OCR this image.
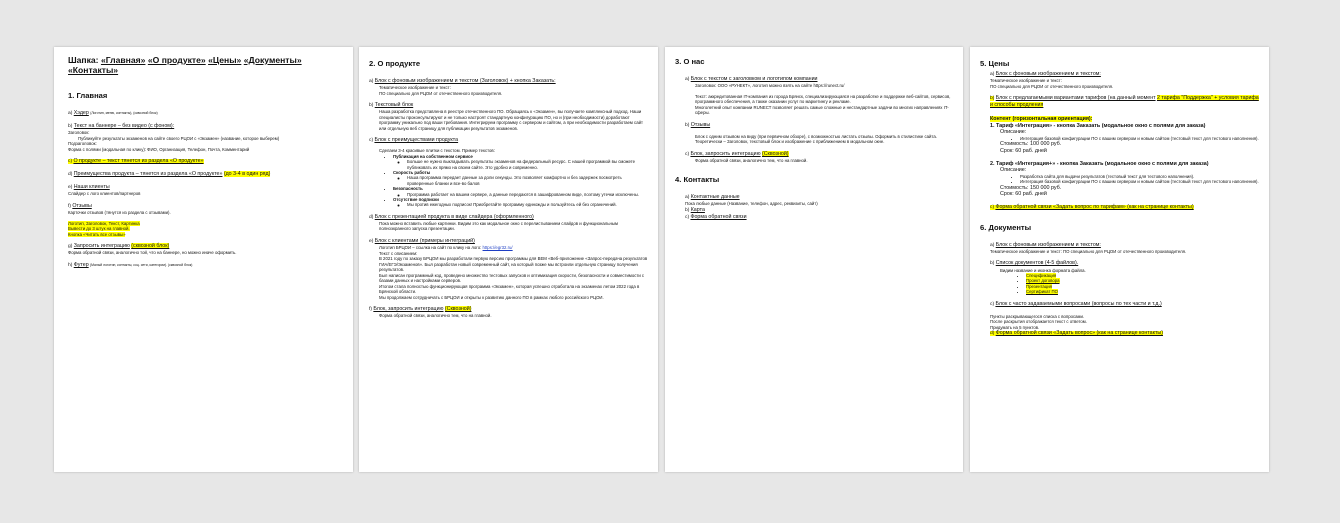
Шапка: «Главная» «О продукте» «Цены» «Документы» «Контакты»
1. Главная
а) Хэдер (Логотип, меню, контакты), (сквозной блок)
b) Текст на баннере – без видео (с фоном):
Заголовок:
Публикуйте результаты экзаменов на сайте своего РЦОИ с «Экзамен» (название, которое выберем)
Подзаголовок:
Форма с полями (модальная по клику): ФИО, Организация, Телефон, Почта, Комментарий
c) О продукте – текст тянется из раздела «О продукте»
d) Преимущества продукта – тянется из раздела «О продукте» (до 3-4 в один ряд)
e) Наши клиенты
Слайдер с лого клиентов/партнеров
f) Отзывы
Карточки отзывов (тянутся из раздела с отзывами).
Логотип, Заголовок, Текст, Картинка
Вывести до 3 штук на главной.
Кнопка «Читать все отзывы»
g) Запросить интеграцию (сквозной блок)
Форма обратной связи, аналогично той, что на баннере, но можно иначе оформить.
h) Футер (Малый логотип, контакты, соц. сети, категории). (сквозной блок)
2. О продукте
а) Блок с фоновым изображением и текстом (Заголовок) + кнопка Заказать:
Тематическое изображение и текст:
ПО специально для РЦОИ от отечественного производителя.
b) Текстовый блок
Наша разработка представлена в реестре отечественного ПО. Обращаясь к «Экзамен», вы получаете комплексный подход. Наши специалисты проконсультируют и не только настроят стандартную конфигурацию ПО, но и (при необходимости) доработают программу уникально под ваши требования. Интегрируем программу с сервером и сайтом, а при необходимости разработаем сайт или отдельную веб страницу для публикации результатов экзаменов.
c) Блок с преимуществами продукта
Сделаем 3-4 красивые плитки с текстом. Пример текстов:
• Публикация на собственном сервисе
◦ Больше не нужно выкладывать результаты экзаменов на федеральный ресурс. С нашей программой вы сможете публиковать их прямо на своем сайте. Это удобно и современно.
• Скорость работы
◦ Наша программа передает данные за доли секунды. Это позволяет комфортно и без задержек посмотреть проверенные бланки и все-во балов
• Безопасность
◦ Программа работает на вашем сервере, а данные передаются в зашифрованном виде, поэтому утечки исключены.
• Отсутствие подписки
◦ Мы против ежегодных подписок! Приобретайте программу единожды и пользуйтесь ей без ограничений.
d) Блок с презентацией продукта в виде слайдера (оформленного)
Пока можно вставить любые картинки. Видим это как модальное окно с перелистыванием слайдов и функциональным полноэкранного запуска презентации.
e) Блок с клиентами (примеры интеграций)
Логотип БРЦОИ – ссылка на сайт по клику на лого: https://egr32.ru/
Текст с описанием:
В 2021 году по заказу БРЦОИ мы разработали первую версию программы для ВЕМ «Веб-приложение «Запрос-передача результатов ГИА/ЕГЭ/Экзаменов». Был разработан новый современный сайт, на который позже мы встроили отдельную страницу получения результатов.
Был написан программный код, проведено множество тестовых запусков и оптимизация скорости, безопасности и совместимости с базами данных и настройками серверов.
Итогом стала полностью функционирующая программа «Экзамен», которая успешно отработала на экзаменах летом 2022 года в Брянской области.
Мы продолжаем сотрудничать с БРЦОИ и открыты к развитию данного ПО в рамках любого российского РЦОИ.
f) Блок, запросить интеграцию (Сквозной)
Форма обратной связи, аналогично тем, что на главной.
3. О нас
а) Блок с текстом с заголовком и логотипом компании
Заголовок: ООО «РУНЕКТ», логотип можно взять на сайте https://runect.ru/
Текст: аккредитованная IT-компания из города Брянск, специализирующаяся на разработке и поддержке веб-сайтов, сервисов, программного обеспечения, а также оказании услуг по маркетингу и рекламе.
Многолетний опыт компании RUNECT позволяет решать самые сложные и нестандартные задачи во многих направлениях IT-сферы.
b) Отзывы
Блок с одним отзывом на виду (при первичном обзоре), с возможностью листать отзывы. Оформить в стилистике сайта. Теоретически – Заголовок, текстовый блок и изображение с приближением в модальном окне.
c) Блок, запросить интеграцию (Сквозной)
Форма обратной связи, аналогично тем, что на главной.
4. Контакты
а) Контактные данные
Пока любые данные (Название, телефон, адрес, реквизиты, сайт)
b) Карта
c) Форма обратной связи
5. Цены
а) Блок с фоновым изображением и текстом:
Тематическое изображение и текст:
ПО специально для РЦОИ от отечественного производителя.
b) Блок с предлагаемыми вариантами тарифов (на данный момент 2 тарифа "Поддержка" + условия тарифа и способы продления
Контент (горизонтальная ориентация):
1. Тариф «Интеграция» - кнопка Заказать (модальное окно с полями для заказа)
Описание:
• Интеграция базовой конфигурации ПО с вашим сервером и новым сайтом (тестовый текст для тестового наполнения).
Стоимость: 100 000 руб.
Срок: 60 раб. дней
2. Тариф «Интеграция+» - кнопка Заказать (модальное окно с полями для заказа)
Описание:
• Разработка сайта для выдачи результатов (тестовый текст для тестового наполнения).
• Интеграция базовой конфигурации ПО с вашим сервером и новым сайтом (тестовый текст для тестового наполнения).
Стоимость: 150 000 руб.
Срок: 60 раб. дней
c) Форма обратной связи «Задать вопрос по тарифам» (как на странице контакты)
6. Документы
а) Блок с фоновым изображением и текстом:
Тематическое изображение и текст: ПО специально для РЦОИ от отечественного производителя.
b) Список документов (4-5 файлов).
Видим название и иконка формата файла.
• Спецификация
• Проект договора
• Презентация
• Сертификат ПО
c) Блок с часто задаваемыми вопросами (вопросы по тех части и т.д.)
Пункты раскрывающегося списка с вопросами.
После раскрытия отображается текст с ответом.
Придумать на 5 пунктов.
d) Форма обратной связи «Задать вопрос» (как на странице контакты)
